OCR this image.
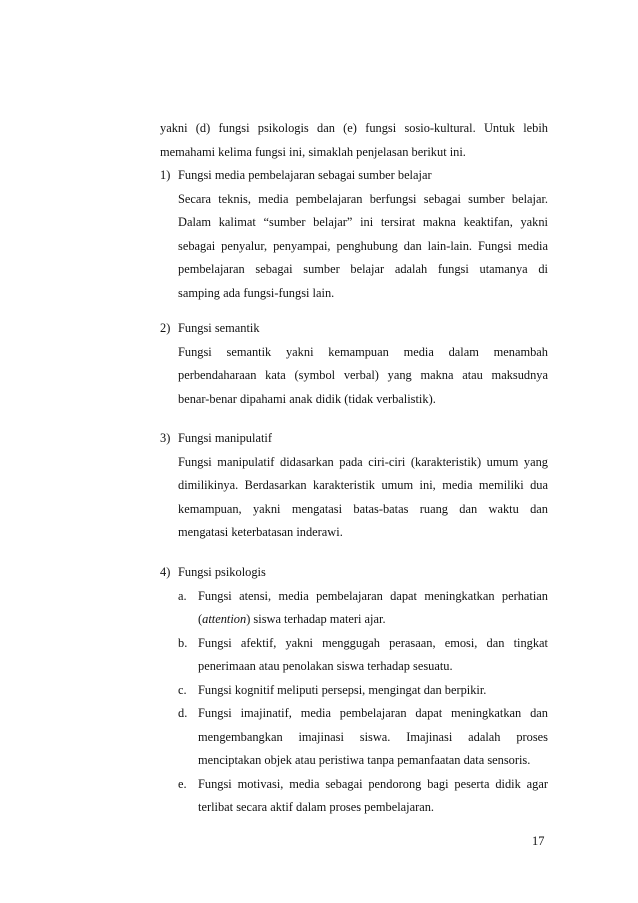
yakni (d) fungsi psikologis dan (e) fungsi sosio-kultural. Untuk lebih
memahami kelima fungsi ini, simaklah penjelasan berikut ini.
1) Fungsi media pembelajaran sebagai sumber belajar
Secara teknis, media pembelajaran berfungsi sebagai sumber belajar.
Dalam kalimat “sumber belajar” ini tersirat makna keaktifan, yakni
sebagai penyalur, penyampai, penghubung dan lain-lain. Fungsi media
pembelajaran sebagai sumber belajar adalah fungsi utamanya di
samping ada fungsi-fungsi lain.
2) Fungsi semantik
Fungsi semantik yakni kemampuan media dalam menambah
perbendaharaan kata (symbol verbal) yang makna atau maksudnya
benar-benar dipahami anak didik (tidak verbalistik).
3) Fungsi manipulatif
Fungsi manipulatif didasarkan pada ciri-ciri (karakteristik) umum yang
dimilikinya. Berdasarkan karakteristik umum ini, media memiliki dua
kemampuan, yakni mengatasi batas-batas ruang dan waktu dan
mengatasi keterbatasan inderawi.
4) Fungsi psikologis
a. Fungsi atensi, media pembelajaran dapat meningkatkan perhatian
(attention) siswa terhadap materi ajar.
b. Fungsi afektif, yakni menggugah perasaan, emosi, dan tingkat
penerimaan atau penolakan siswa terhadap sesuatu.
c. Fungsi kognitif meliputi persepsi, mengingat dan berpikir.
d. Fungsi imajinatif, media pembelajaran dapat meningkatkan dan
mengembangkan imajinasi siswa. Imajinasi adalah proses
menciptakan objek atau peristiwa tanpa pemanfaatan data sensoris.
e. Fungsi motivasi, media sebagai pendorong bagi peserta didik agar
terlibat secara aktif dalam proses pembelajaran.
17
